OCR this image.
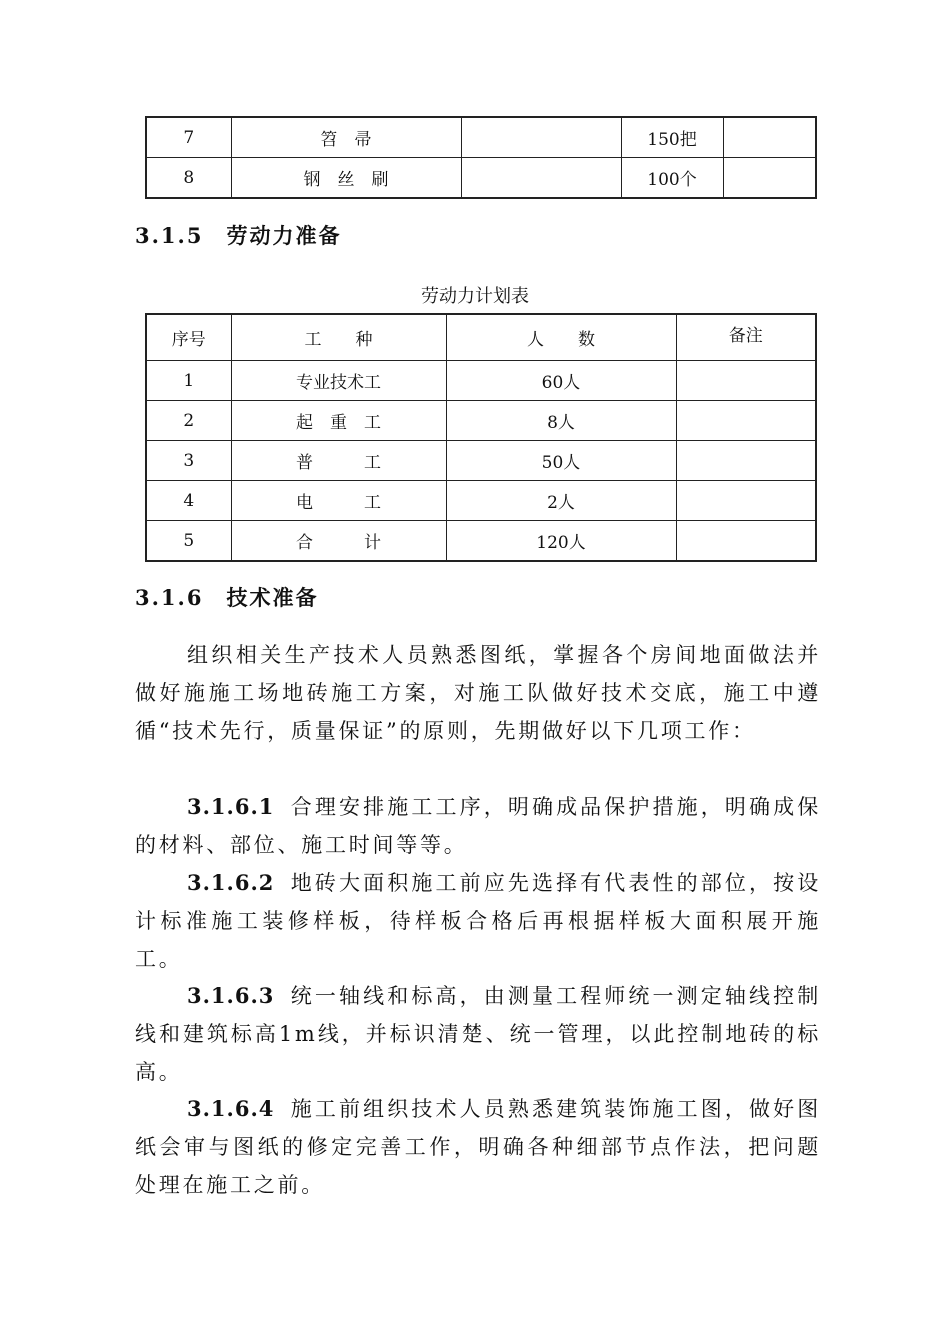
7	笤　帚		150把	
8	钢　丝　刷		100个	
3.1.5　劳动力准备
劳动力计划表
序号	工　　种	人　　数	备注
1	专业技术工	60人	
2	起　重　工	8人	
3	普　　　工	50人	
4	电　　　工	2人	
5	合　　　计	120人	
3.1.6　技术准备

组织相关生产技术人员熟悉图纸，掌握各个房间地面做法并做好施施工场地砖施工方案，对施工队做好技术交底，施工中遵循“技术先行，质量保证”的原则，先期做好以下几项工作：

3.1.6.1 合理安排施工工序，明确成品保护措施，明确成保的材料、部位、施工时间等等。

3.1.6.2 地砖大面积施工前应先选择有代表性的部位，按设计标准施工装修样板，待样板合格后再根据样板大面积展开施工。

3.1.6.3 统一轴线和标高，由测量工程师统一测定轴线控制线和建筑标高1m线，并标识清楚、统一管理，以此控制地砖的标高。

3.1.6.4 施工前组织技术人员熟悉建筑装饰施工图，做好图纸会审与图纸的修定完善工作，明确各种细部节点作法，把问题处理在施工之前。
